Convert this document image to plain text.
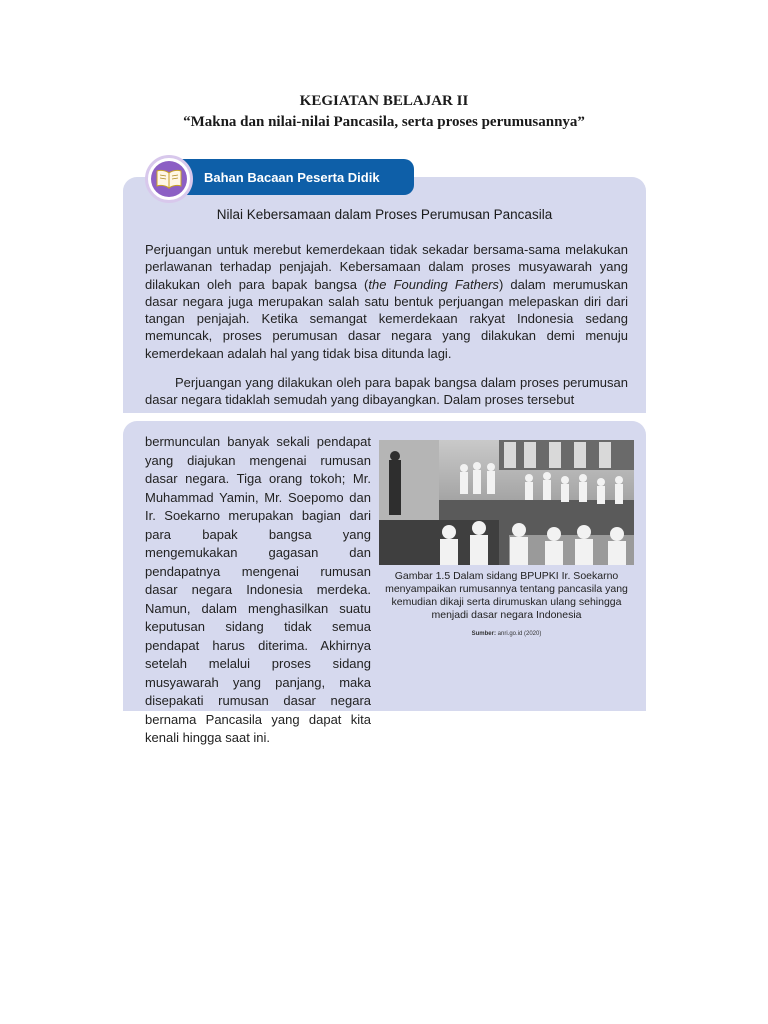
KEGIATAN BELAJAR II
“Makna dan nilai-nilai Pancasila, serta proses perumusannya”
Bahan Bacaan Peserta Didik
Nilai Kebersamaan dalam Proses Perumusan Pancasila

Perjuangan untuk merebut kemerdekaan tidak sekadar bersama-sama melakukan perlawanan terhadap penjajah. Kebersamaan dalam proses musyawarah yang dilakukan oleh para bapak bangsa (the Founding Fathers) dalam merumuskan dasar negara juga merupakan salah satu bentuk perjuangan melepaskan diri dari tangan penjajah. Ketika semangat kemerdekaan rakyat Indonesia sedang memuncak, proses perumusan dasar negara yang dilakukan demi menuju kemerdekaan adalah hal yang tidak bisa ditunda lagi.

Perjuangan yang dilakukan oleh para bapak bangsa dalam proses perumusan dasar negara tidaklah semudah yang dibayangkan. Dalam proses tersebut

bermunculan banyak sekali pendapat yang diajukan mengenai rumusan dasar negara. Tiga orang tokoh; Mr. Muhammad Yamin, Mr. Soepomo dan Ir. Soekarno merupakan bagian dari para bapak bangsa yang mengemukakan gagasan dan pendapatnya mengenai rumusan dasar negara Indonesia merdeka. Namun, dalam menghasilkan suatu keputusan sidang tidak semua pendapat harus diterima. Akhirnya setelah melalui proses sidang musyawarah yang panjang, maka disepakati rumusan dasar negara bernama Pancasila yang dapat kita kenali hingga saat ini.

Gambar 1.5 Dalam sidang BPUPKI Ir. Soekarno menyampaikan rumusannya tentang pancasila yang kemudian dikaji serta dirumuskan ulang sehingga menjadi dasar negara Indonesia

Sumber: anri.go.id (2020)
